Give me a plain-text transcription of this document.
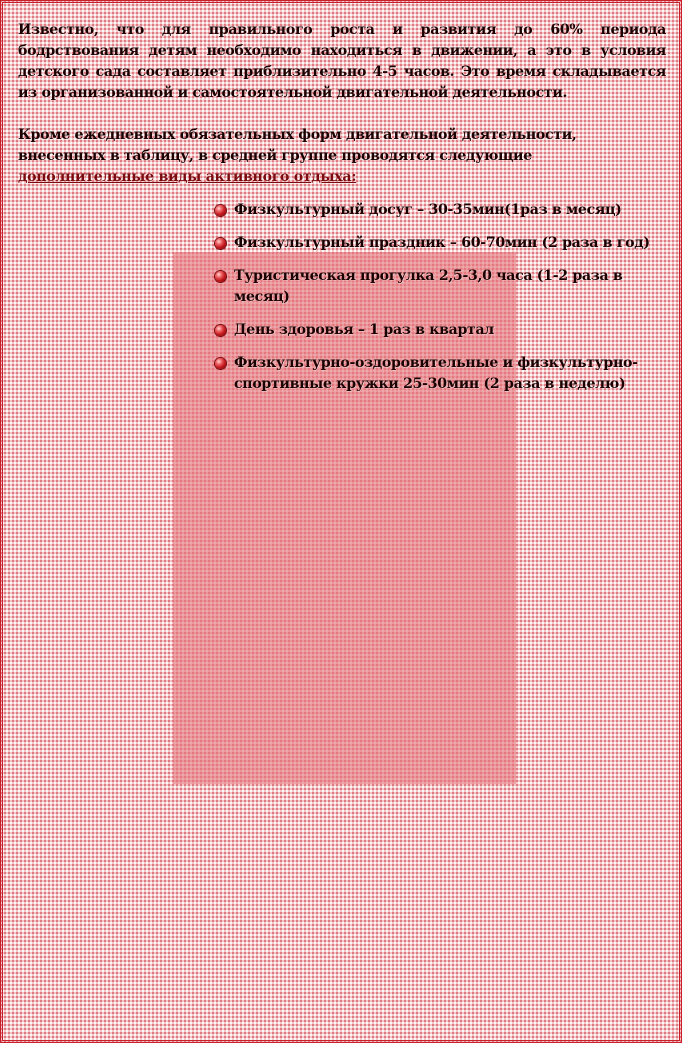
Известно, что для правильного роста и развития до 60% периода бодрствования детям необходимо находиться в движении, а это в условия детского сада составляет приблизительно 4-5 часов. Это время складывается из организованной и самостоятельной двигательной деятельности.

Кроме ежедневных обязательных форм двигательной деятельности, внесенных в таблицу, в средней группе проводятся следующие дополнительные виды активного отдыха:

Физкультурный досуг – 30-35мин(1раз в месяц)
Физкультурный праздник – 60-70мин (2 раза в год)
Туристическая прогулка 2,5-3,0 часа (1-2 раза в месяц)
День здоровья – 1 раз в квартал
Физкультурно-оздоровительные и физкультурно- спортивные кружки 25-30мин (2 раза в неделю)
